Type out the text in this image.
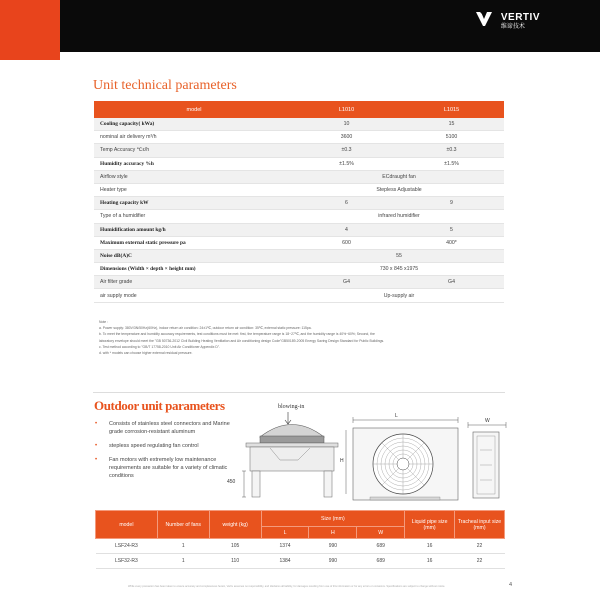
VERTIV
维谛技术
Unit technical parameters
model	L1010	L1015
Cooling capacity( kWa)	10	15
nominal air delivery m³/h	3600	5100
Temp Accuracy ℃ε/h	±0.3	±0.3
Humidity accuracy %h	±1.5%	±1.5%
Airflow style	ECdraught fan	
Heater type	Stepless Adjustable	
Heating capacity kW	6	9
Type of a humidifier	infrared humidifier	
Humidification amount kg/h	4	5
Maximum external static pressure pa	600	400*
Noise dB(A)C	55	
Dimensions (Width × depth × height mm)	730 x 845 x1975	
Air filter grade	G4	G4
air supply mode	Up-supply air	
Note :
a. Power supply: 380V/3N/50Hz(60Hz), indoor return air condition: 24±1℃, outdoor return air condition: 35℃, external static pressure: 115pa.
b. To meet the temperature and humidity accuracy requirements, test conditions must be met: first, the temperature range is 18~27℃, and the humidity range is 40%~60%; Second, the
laboratory envelope should meet the "GB 50736-2012 Civil Building Heating Ventilation and Air conditioning design Code"GB50189-2005 Energy Saving Design Standard for Public Buildings.
c. Test method according to "GB/T 17758-2010 Unit Air Conditioner Appendix D".
d. with * models can choose higher external residual pressure.
Outdoor unit parameters
• Consists of stainless steel connectors and Marine grade corrosion-resistant aluminum
• stepless speed regulating fan control
• Fan motors with extremely low maintenance requirements are suitable for a variety of climatic conditions
blowing-in
450
L
H
W
model	Number of fans	weight (kg)	Size (mm)			Liquid pipe size (mm)	Tracheal input size (mm)
			L	H	W		
LSF24-R3	1	105	1374	990	689	16	22
LSF32-R3	1	110	1384	990	689	16	22
While every precaution has been taken to ensure accuracy and completeness herein, Vertiv assumes no responsibility, and disclaims all liability, for damages resulting from use of this information or for any errors or omissions. Specifications are subject to change without notice.	4
